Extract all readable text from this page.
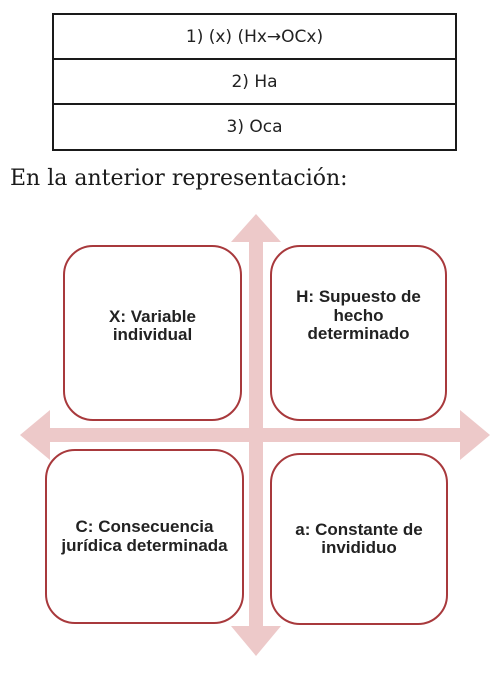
1) (x) (Hx→OCx)
2) Ha
3) Oca
En la anterior representación:
X: Variable individual
H: Supuesto de hecho determinado
C: Consecuencia jurídica determinada
a: Constante de invididuo
